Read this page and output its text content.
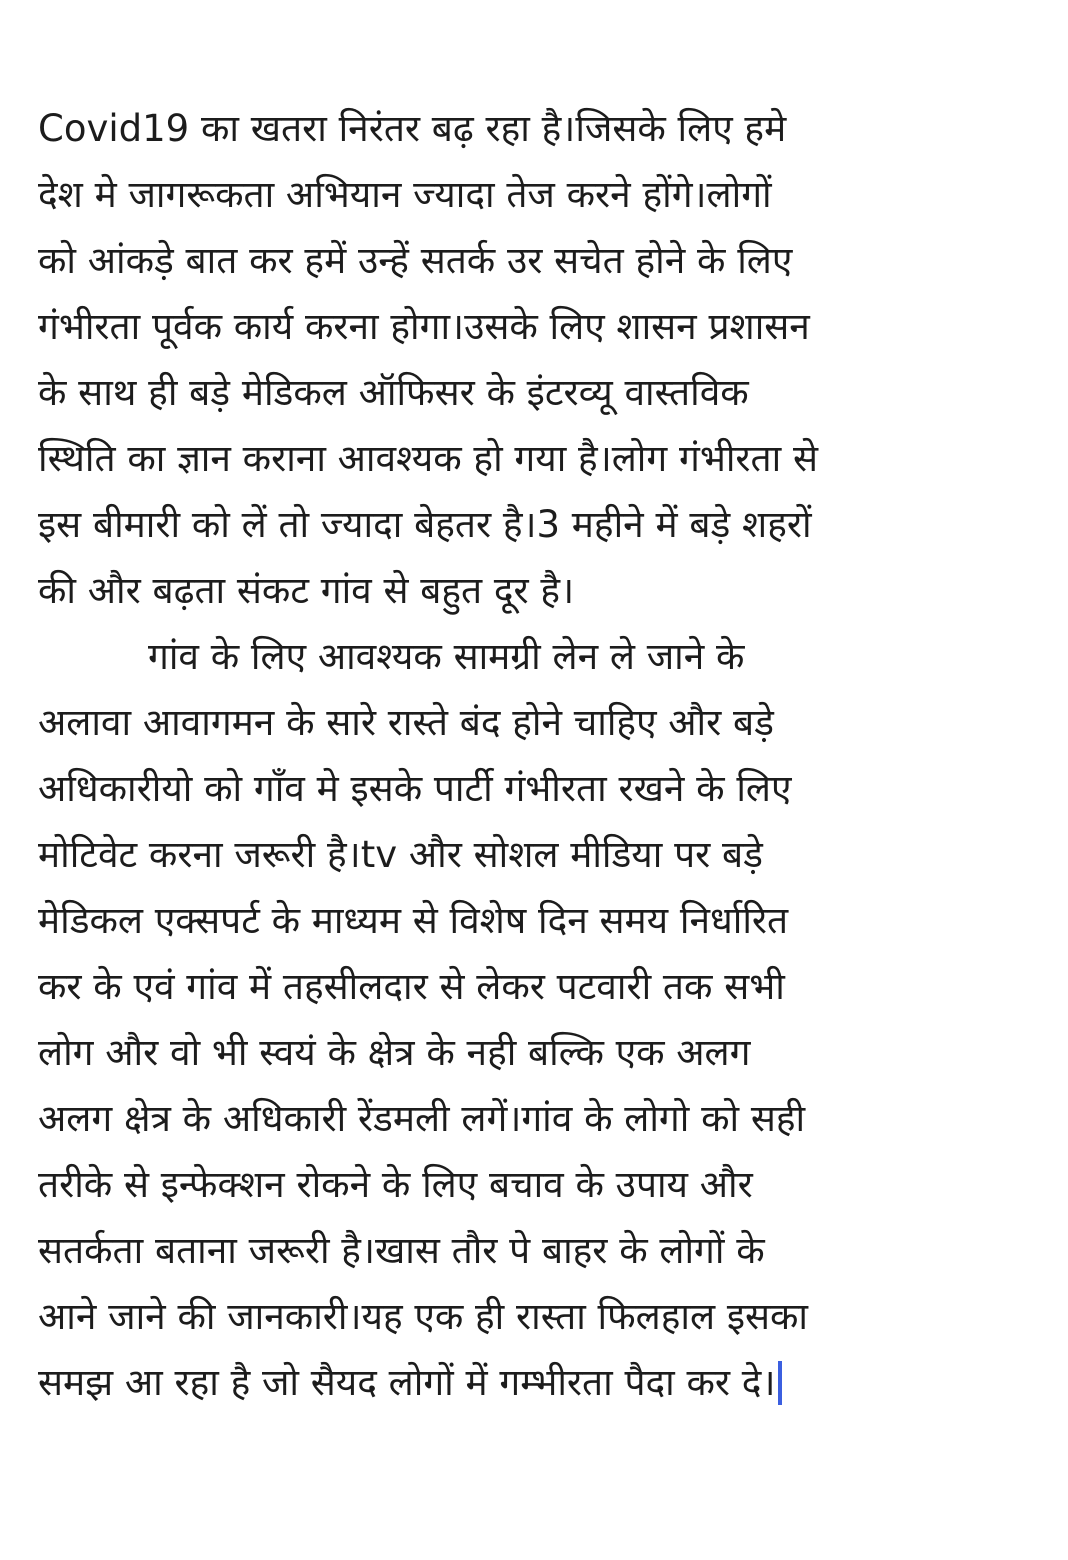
Covid19 का खतरा निरंतर बढ़ रहा है।जिसके लिए हमे
देश मे जागरूकता अभियान ज्यादा तेज करने होंगे।लोगों
को आंकड़े बात कर हमें उन्हें सतर्क उर सचेत होने के लिए
गंभीरता पूर्वक कार्य करना होगा।उसके लिए शासन प्रशासन
के साथ ही बड़े मेडिकल ऑफिसर के इंटरव्यू वास्तविक
स्थिति का ज्ञान कराना आवश्यक हो गया है।लोग गंभीरता से
इस बीमारी को लें तो ज्यादा बेहतर है।3 महीने में बड़े शहरों
की और बढ़ता संकट गांव से बहुत दूर है।
गांव के लिए आवश्यक सामग्री लेन ले जाने के
अलावा आवागमन के सारे रास्ते बंद होने चाहिए और बड़े
अधिकारीयो को गाँव मे इसके पार्टी गंभीरता रखने के लिए
मोटिवेट करना जरूरी है।tv और सोशल मीडिया पर बड़े
मेडिकल एक्सपर्ट के माध्यम से विशेष दिन समय निर्धारित
कर के एवं गांव में तहसीलदार से लेकर पटवारी तक सभी
लोग और वो भी स्वयं के क्षेत्र के नही बल्कि एक अलग
अलग क्षेत्र के अधिकारी रेंडमली लगें।गांव के लोगो को सही
तरीके से इन्फेक्शन रोकने के लिए बचाव के उपाय और
सतर्कता बताना जरूरी है।खास तौर पे बाहर के लोगों के
आने जाने की जानकारी।यह एक ही रास्ता फिलहाल इसका
समझ आ रहा है जो सैयद लोगों में गम्भीरता पैदा कर दे।
